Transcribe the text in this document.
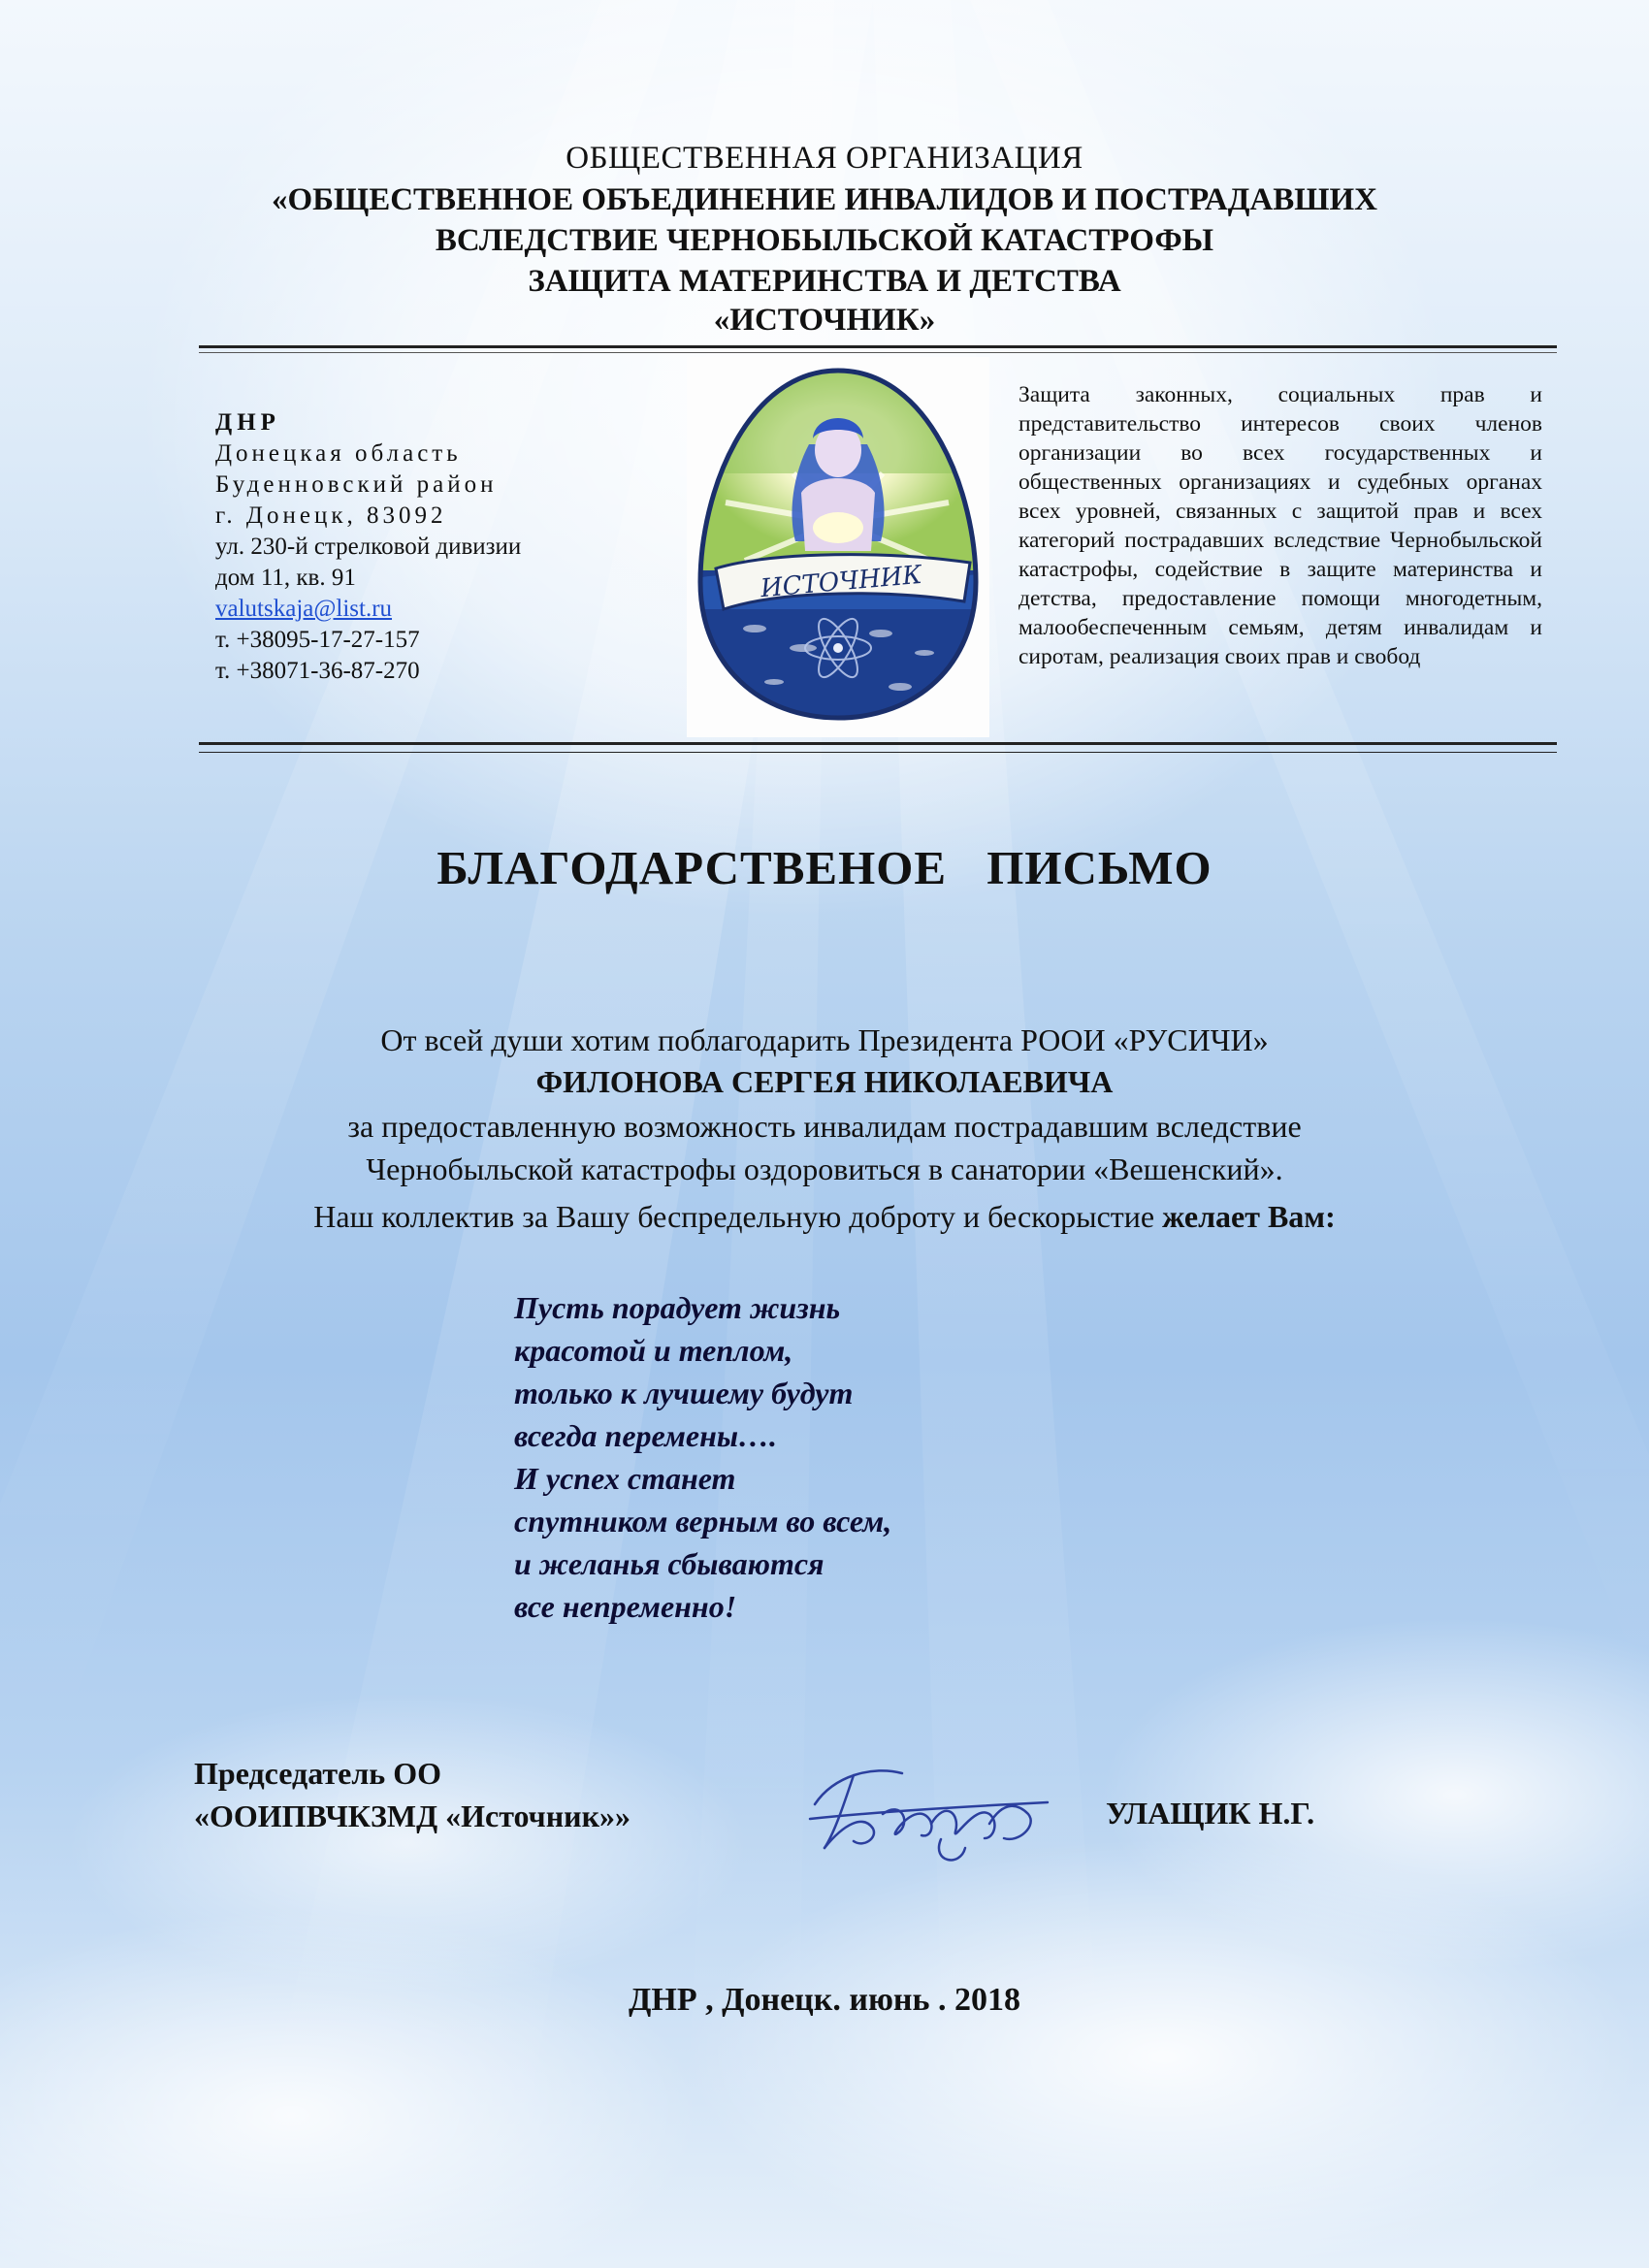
ОБЩЕСТВЕННАЯ ОРГАНИЗАЦИЯ
«ОБЩЕСТВЕННОЕ ОБЪЕДИНЕНИЕ ИНВАЛИДОВ И ПОСТРАДАВШИХ
ВСЛЕДСТВИЕ ЧЕРНОБЫЛЬСКОЙ КАТАСТРОФЫ
ЗАЩИТА МАТЕРИНСТВА И ДЕТСТВА
«ИСТОЧНИК»
ДНР
Донецкая область
Буденновский район
г. Донецк, 83092
ул. 230-й стрелковой дивизии
дом 11, кв. 91
valutskaja@list.ru
т. +38095-17-27-157
т. +38071-36-87-270
ИСТОЧНИК
Защита законных, социальных прав и представительство интересов своих членов организации во всех государственных и общественных организациях и судебных органах всех уровней, связанных с защитой прав и всех категорий пострадавших вследствие Чернобыльской катастрофы, содействие в защите материнства и детства, предоставление помощи многодетным, малообеспеченным семьям, детям инвалидам и сиротам, реализация своих прав и свобод
БЛАГОДАРСТВЕНОЕ ПИСЬМО
От всей души хотим поблагодарить Президента РООИ «РУСИЧИ»
ФИЛОНОВА СЕРГЕЯ НИКОЛАЕВИЧА
за предоставленную возможность инвалидам пострадавшим вследствие
Чернобыльской катастрофы оздоровиться в санатории «Вешенский».
Наш коллектив за Вашу беспредельную доброту и бескорыстие желает Вам:
Пусть порадует жизнь
красотой и теплом,
только к лучшему будут
всегда перемены….
И успех станет
спутником верным во всем,
и желанья сбываются
все непременно!
Председатель ОО
«ООИПВЧКЗМД «Источник»»	УЛАЩИК Н.Г.
ДНР , Донецк. июнь . 2018
